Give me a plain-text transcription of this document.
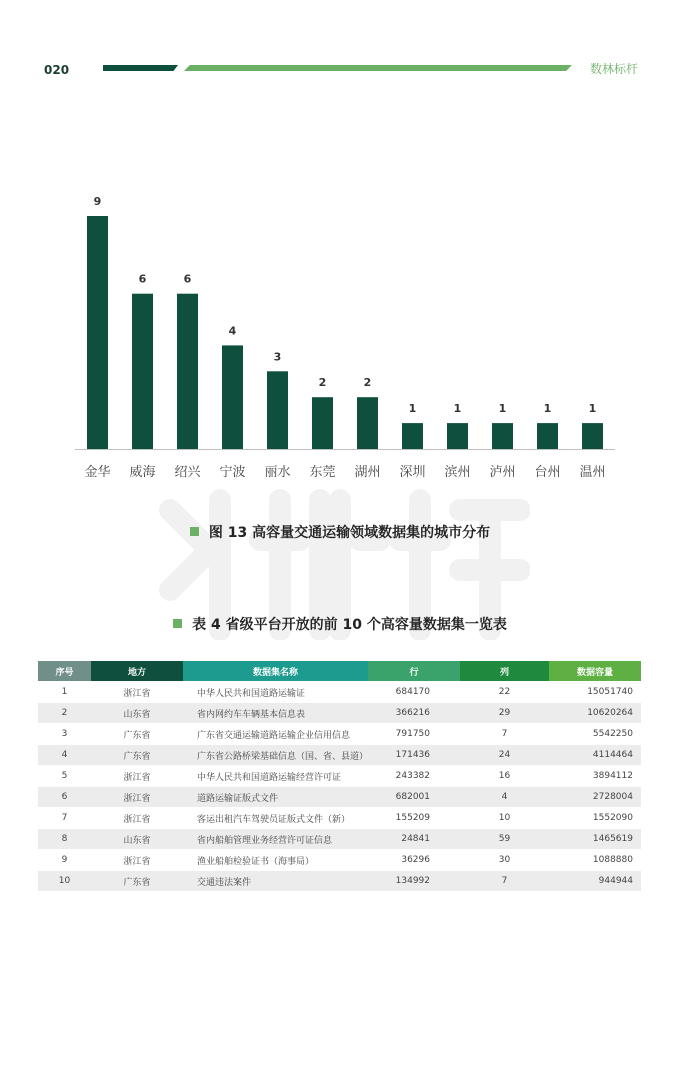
020	数林标杆
9
金华
6
威海
6
绍兴
4
宁波
3
丽水
2
东莞
2
湖州
1
深圳
1
滨州
1
泸州
1
台州
1
温州
图 13 高容量交通运输领域数据集的城市分布
表 4 省级平台开放的前 10 个高容量数据集一览表
序号	地方	数据集名称	行	列	数据容量
1	浙江省	中华人民共和国道路运输证	684170	22	15051740
2	山东省	省内网约车车辆基本信息表	366216	29	10620264
3	广东省	广东省交通运输道路运输企业信用信息	791750	7	5542250
4	广东省	广东省公路桥梁基础信息（国、省、县道）	171436	24	4114464
5	浙江省	中华人民共和国道路运输经营许可证	243382	16	3894112
6	浙江省	道路运输证版式文件	682001	4	2728004
7	浙江省	客运出租汽车驾驶员证版式文件（新）	155209	10	1552090
8	山东省	省内船舶管理业务经营许可证信息	24841	59	1465619
9	浙江省	渔业船舶检验证书（海事局）	36296	30	1088880
10	广东省	交通违法案件	134992	7	944944
